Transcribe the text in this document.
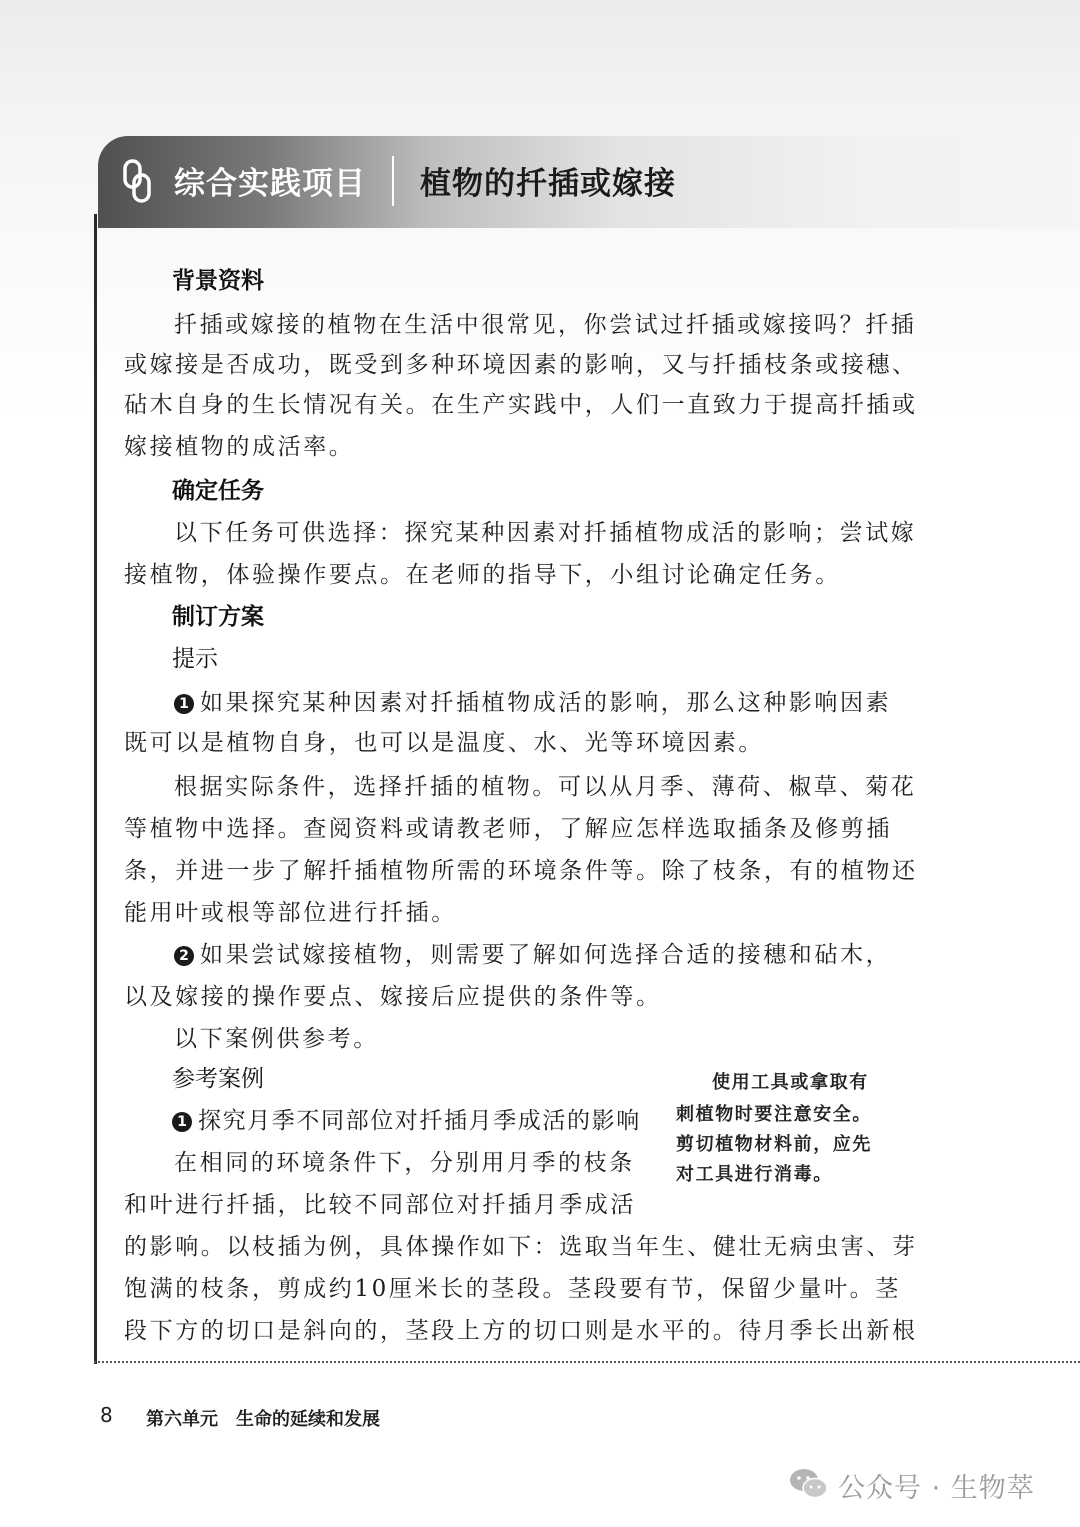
综合实践项目 植物的扦插或嫁接
背景资料
扦插或嫁接的植物在生活中很常见，你尝试过扦插或嫁接吗？扦插
或嫁接是否成功，既受到多种环境因素的影响，又与扦插枝条或接穗、
砧木自身的生长情况有关。在生产实践中，人们一直致力于提高扦插或
嫁接植物的成活率。
确定任务
以下任务可供选择：探究某种因素对扦插植物成活的影响；尝试嫁
接植物，体验操作要点。在老师的指导下，小组讨论确定任务。
制订方案
提示
1 如果探究某种因素对扦插植物成活的影响，那么这种影响因素
既可以是植物自身，也可以是温度、水、光等环境因素。
根据实际条件，选择扦插的植物。可以从月季、薄荷、椒草、菊花
等植物中选择。查阅资料或请教老师，了解应怎样选取插条及修剪插
条，并进一步了解扦插植物所需的环境条件等。除了枝条，有的植物还
能用叶或根等部位进行扦插。
2 如果尝试嫁接植物，则需要了解如何选择合适的接穗和砧木，
以及嫁接的操作要点、嫁接后应提供的条件等。
以下案例供参考。
参考案例
1 探究月季不同部位对扦插月季成活的影响
在相同的环境条件下，分别用月季的枝条
和叶进行扦插，比较不同部位对扦插月季成活
的影响。以枝插为例，具体操作如下：选取当年生、健壮无病虫害、芽
饱满的枝条，剪成约10厘米长的茎段。茎段要有节，保留少量叶。茎
段下方的切口是斜向的，茎段上方的切口则是水平的。待月季长出新根
使用工具或拿取有
刺植物时要注意安全。
剪切植物材料前，应先
对工具进行消毒。
8 第六单元　生命的延续和发展
公众号 · 生物萃
